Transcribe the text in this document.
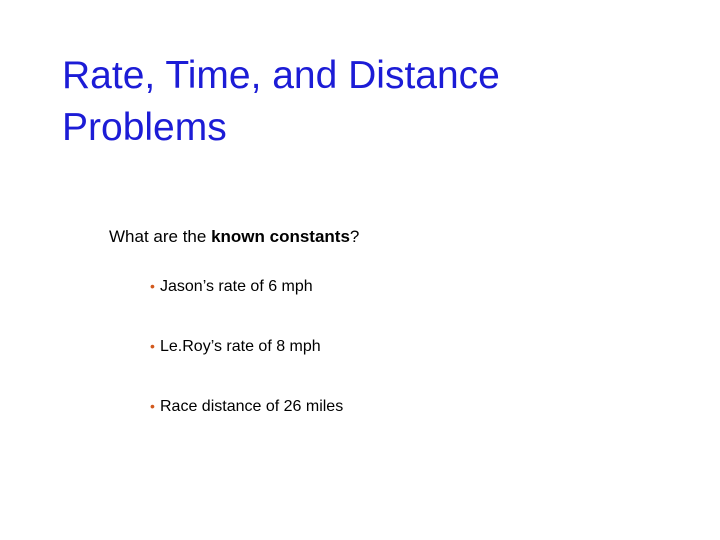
Rate, Time, and Distance
Problems

What are the known constants?

• Jason’s rate of 6 mph
• Le.Roy’s rate of 8 mph
• Race distance of 26 miles
